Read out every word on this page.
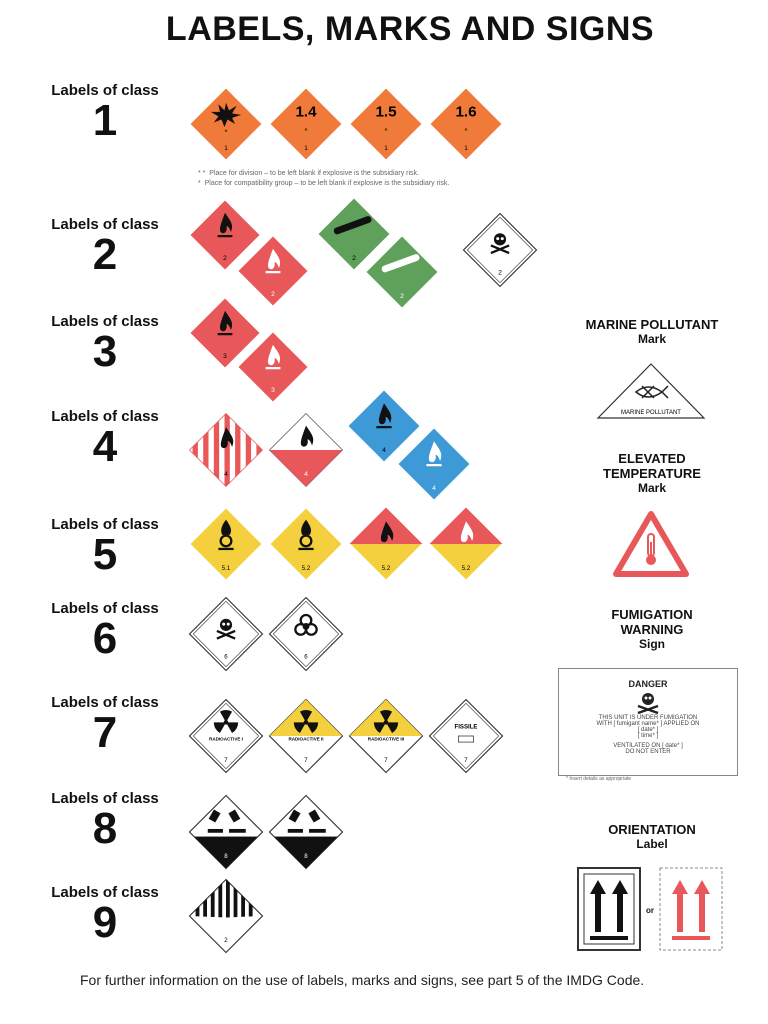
LABELS, MARKS AND SIGNS
Labels of class
1
Labels of class
2
Labels of class
3
Labels of class
4
Labels of class
5
Labels of class
6
Labels of class
7
Labels of class
8
Labels of class
9
*
1
1.4
*
1
1.5
*
1
1.6
*
1
* * Place for division – to be left blank if explosive is the subsidiary risk.
* Place for compatibility group – to be left blank if explosive is the subsidiary risk.
2
2
2
2
2
3
3
4	4
4
4
5.1	5.2	5.2	5.2
6	6
RADIOACTIVE I
7
RADIOACTIVE II
7
RADIOACTIVE III
7
FISSILE
7
8	8
2
MARINE POLLUTANT
Mark
MARINE POLLUTANT
ELEVATED
TEMPERATURE
Mark
FUMIGATION
WARNING
Sign
DANGER
THIS UNIT IS UNDER FUMIGATION
WITH [ fumigant name* ] APPLIED ON
[ date* ]
[ time* ]
VENTILATED ON [ date* ]
DO NOT ENTER
* Insert details as appropriate
ORIENTATION
Label
or
For further information on the use of labels, marks and signs, see part 5 of the IMDG Code.
